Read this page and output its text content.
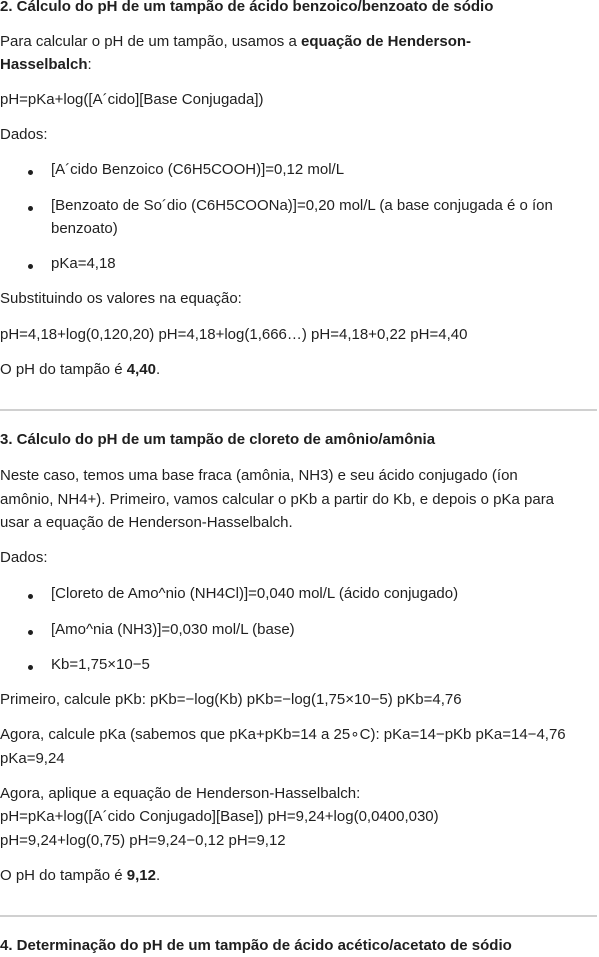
2. Cálculo do pH de um tampão de ácido benzoico/benzoato de sódio
Para calcular o pH de um tampão, usamos a equação de Henderson-
Hasselbalch:
pH=pKa+log([A´cido][Base Conjugada])
Dados:
[A´cido Benzoico (C6H5COOH)]=0,12 mol/L
[Benzoato de So´dio (C6H5COONa)]=0,20 mol/L (a base conjugada é o íon
benzoato)
pKa=4,18
Substituindo os valores na equação:
pH=4,18+log(0,120,20) pH=4,18+log(1,666…) pH=4,18+0,22 pH=4,40
O pH do tampão é 4,40.
3. Cálculo do pH de um tampão de cloreto de amônio/amônia
Neste caso, temos uma base fraca (amônia, NH3) e seu ácido conjugado (íon
amônio, NH4+). Primeiro, vamos calcular o pKb a partir do Kb, e depois o pKa para
usar a equação de Henderson-Hasselbalch.
Dados:
[Cloreto de Amo^nio (NH4Cl)]=0,040 mol/L (ácido conjugado)
[Amo^nia (NH3)]=0,030 mol/L (base)
Kb=1,75×10−5
Primeiro, calcule pKb: pKb=−log(Kb) pKb=−log(1,75×10−5) pKb=4,76
Agora, calcule pKa (sabemos que pKa+pKb=14 a 25∘C): pKa=14−pKb pKa=14−4,76
pKa=9,24
Agora, aplique a equação de Henderson-Hasselbalch:
pH=pKa+log([A´cido Conjugado][Base]) pH=9,24+log(0,0400,030)
pH=9,24+log(0,75) pH=9,24−0,12 pH=9,12
O pH do tampão é 9,12.
4. Determinação do pH de um tampão de ácido acético/acetato de sódio
